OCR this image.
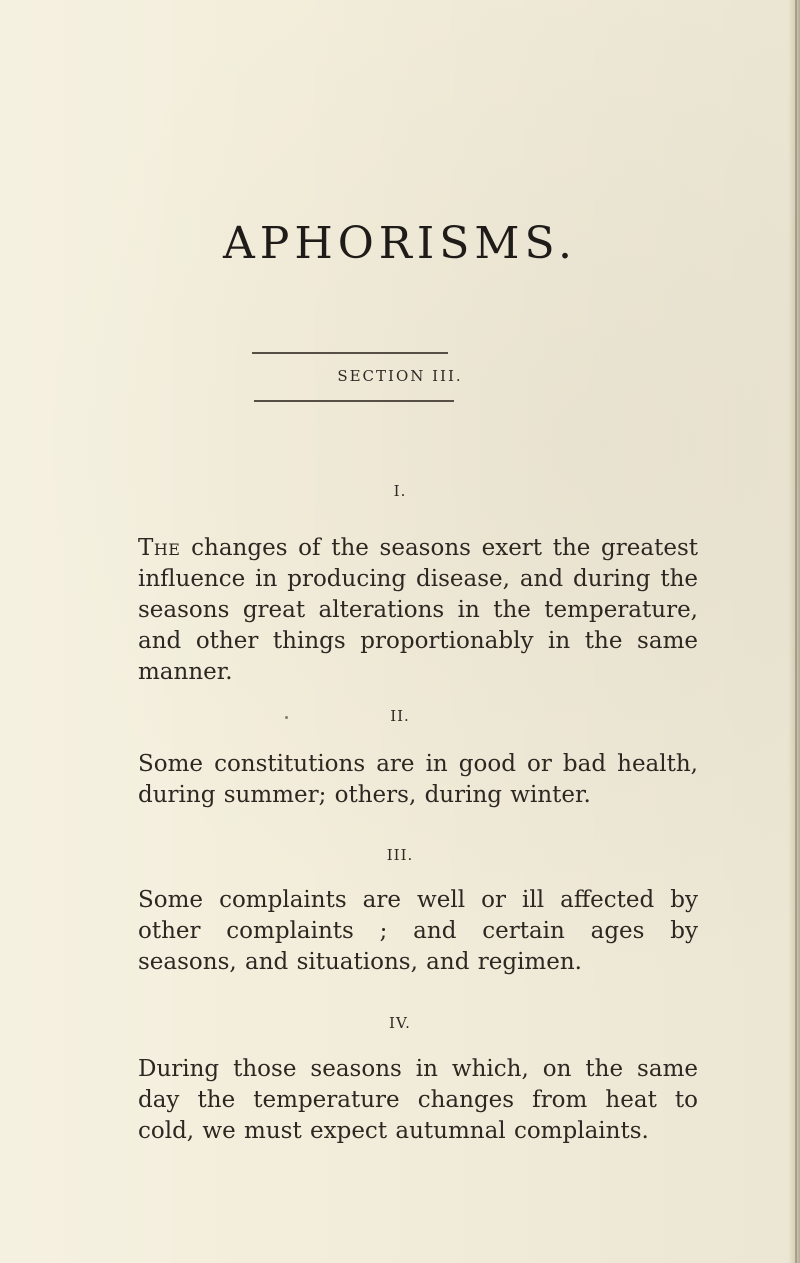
APHORISMS.
SECTION III.
I.
The changes of the seasons exert the greatest influence in producing disease, and during the seasons great alterations in the temperature, and other things proportionably in the same manner.
II.
Some constitutions are in good or bad health, during summer; others, during winter.
III.
Some complaints are well or ill affected by other complaints ; and certain ages by seasons, and situations, and regimen.
IV.
During those seasons in which, on the same day the temperature changes from heat to cold, we must expect autumnal complaints.
